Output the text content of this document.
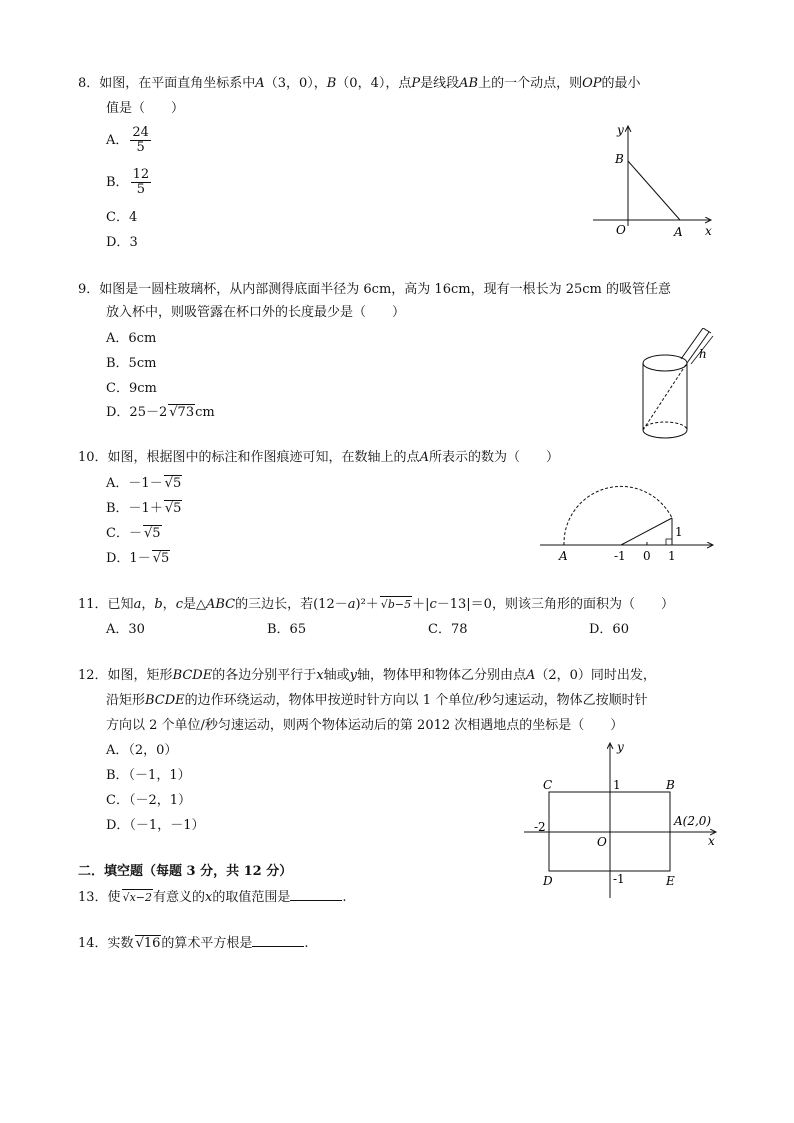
8．如图，在平面直角坐标系中A（3，0），B（0，4），点P是线段AB上的一个动点，则OP的最小
值是（　　）
A． $\frac{24}{5}$
B． $\frac{12}{5}$
C．4
D．3
y
x
B
O	A
9．如图是一圆柱玻璃杯，从内部测得底面半径为 6cm，高为 16cm，现有一根长为 25cm 的吸管任意
放入杯中，则吸管露在杯口外的长度最少是（　　）
A．6cm
B．5cm
C．9cm
D．25－2 √73cm
h
10．如图，根据图中的标注和作图痕迹可知，在数轴上的点A所表示的数为（　　）
A．－1－ √5
B．－1＋ √5
C．－ √5
D．1－ √5	A	-1 0 1
1
11．已知a，b，c是△ABC的三边长，若(12－a)²＋ √b−5＋|c－13|＝0，则该三角形的面积为（　　）
A．30	B．65	C．78	D．60
12．如图，矩形BCDE的各边分别平行于x轴或y轴，物体甲和物体乙分别由点A（2，0）同时出发，
沿矩形BCDE的边作环绕运动，物体甲按逆时针方向以 1 个单位/秒匀速运动，物体乙按顺时针
方向以 2 个单位/秒匀速运动，则两个物体运动后的第 2012 次相遇地点的坐标是（　　）
A．（2，0）
B．（－1，1）
C．（－2，1）
D．（－1，－1）
y
x
C	B
1
A(2,0)
-2
O
D	-1	E
二．填空题（每题 3 分，共 12 分）
13．使 √x−2有意义的x的取值范围是	.
14．实数 √16的算术平方根是	.
